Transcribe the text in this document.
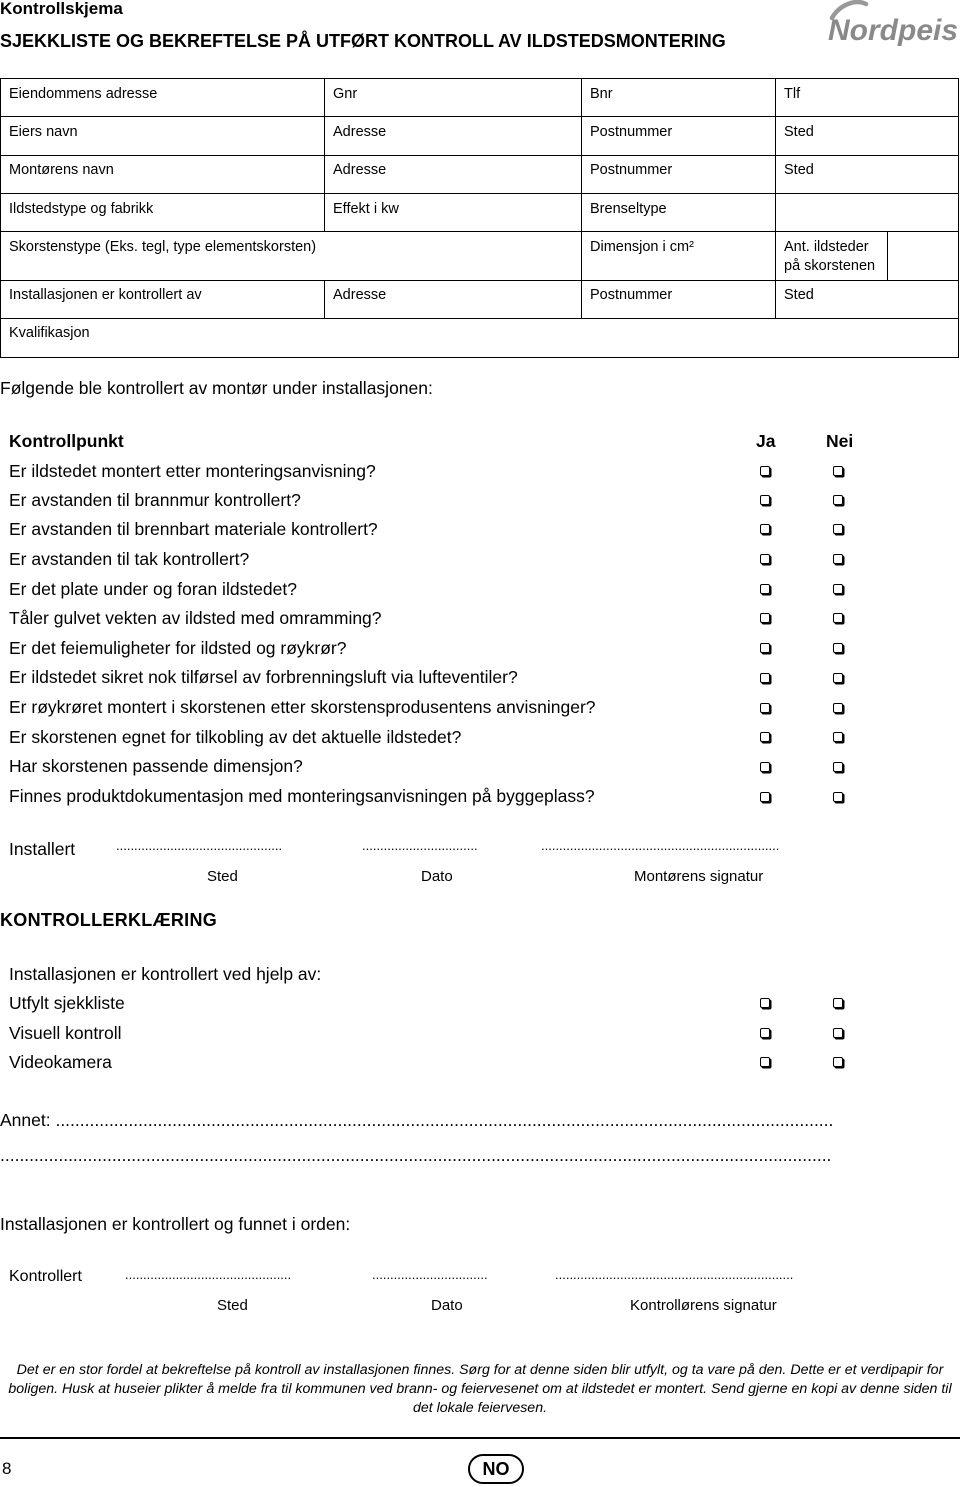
Kontrollskjema
SJEKKLISTE OG BEKREFTELSE PÅ UTFØRT KONTROLL AV ILDSTEDSMONTERING	Nordpeis
Eiendommens adresse	Gnr	Bnr	Tlf
Eiers navn	Adresse	Postnummer	Sted
Montørens navn	Adresse	Postnummer	Sted
Ildstedstype og fabrikk	Effekt i kw	Brenseltype
Skorstenstype (Eks. tegl, type elementskorsten)	Dimensjon i cm²	Ant. ildsteder
på skorstenen
Installasjonen er kontrollert av	Adresse	Postnummer	Sted
Kvalifikasjon
Følgende ble kontrollert av montør under installasjonen:
Kontrollpunkt	Ja	Nei
Er ildstedet montert etter monteringsanvisning?
Er avstanden til brannmur kontrollert?
Er avstanden til brennbart materiale kontrollert?
Er avstanden til tak kontrollert?
Er det plate under og foran ildstedet?
Tåler gulvet vekten av ildsted med omramming?
Er det feiemuligheter for ildsted og røykrør?
Er ildstedet sikret nok tilførsel av forbrenningsluft via lufteventiler?
Er røykrøret montert i skorstenen etter skorstensprodusentens anvisninger?
Er skorstenen egnet for tilkobling av det aktuelle ildstedet?
Har skorstenen passende dimensjon?
Finnes produktdokumentasjon med monteringsanvisningen på byggeplass?
Installert	..............................................	................................	..................................................................
Sted	Dato	Montørens signatur
KONTROLLERKLÆRING
Installasjonen er kontrollert ved hjelp av:
Utfylt sjekkliste
Visuell kontroll
Videokamera
Annet: ................................................................................................................................................................
...........................................................................................................................................................................
Installasjonen er kontrollert og funnet i orden:
Kontrollert	..............................................	................................	..................................................................
Sted	Dato	Kontrollørens signatur
Det er en stor fordel at bekreftelse på kontroll av installasjonen finnes. Sørg for at denne siden blir utfylt, og ta vare på den. Dette er et verdipapir for boligen. Husk at huseier plikter å melde fra til kommunen ved brann- og feiervesenet om at ildstedet er montert. Send gjerne en kopi av denne siden til det lokale feiervesen.
8	NO
